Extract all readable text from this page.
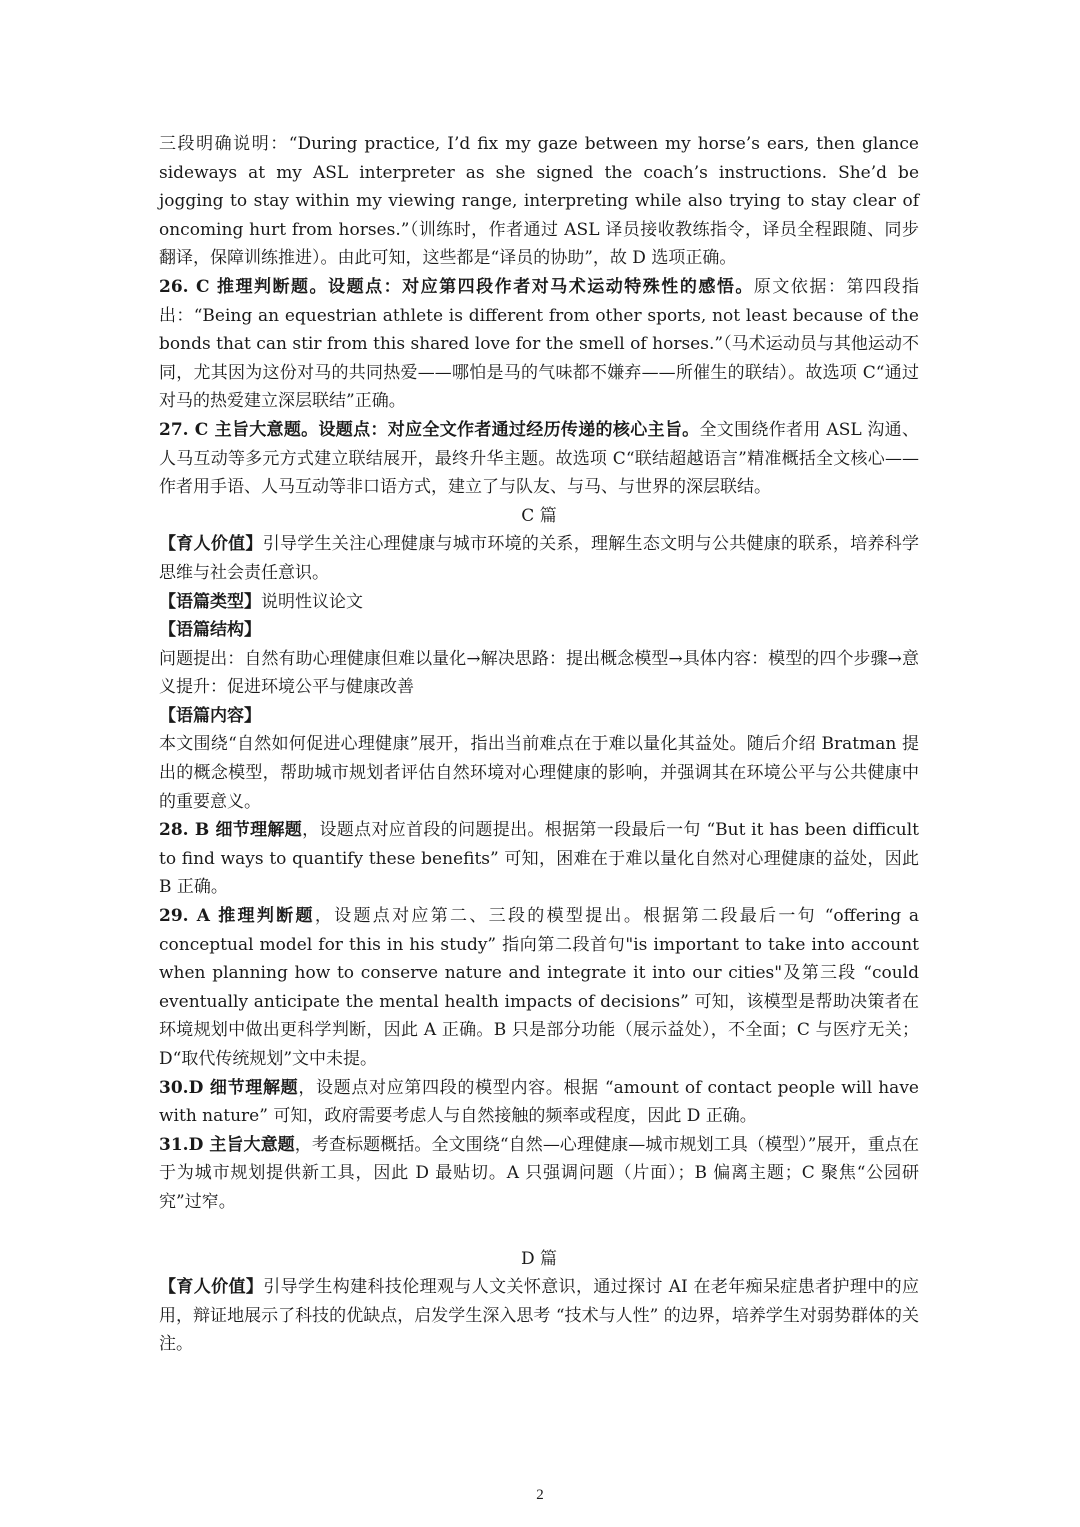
三段明确说明：“During practice, I’d fix my gaze between my horse’s ears, then glance sideways at my ASL interpreter as she signed the coach’s instructions. She’d be jogging to stay within my viewing range, interpreting while also trying to stay clear of oncoming hurt from horses.”（训练时，作者通过 ASL 译员接收教练指令，译员全程跟随、同步翻译，保障训练推进）。由此可知，这些都是“译员的协助”，故 D 选项正确。

26. C 推理判断题。设题点：对应第四段作者对马术运动特殊性的感悟。原文依据：第四段指出：“Being an equestrian athlete is different from other sports, not least because of the bonds that can stir from this shared love for the smell of horses.”（马术运动员与其他运动不同，尤其因为这份对马的共同热爱——哪怕是马的气味都不嫌弃——所催生的联结）。故选项 C“通过对马的热爱建立深层联结”正确。

27. C 主旨大意题。设题点：对应全文作者通过经历传递的核心主旨。全文围绕作者用 ASL 沟通、人马互动等多元方式建立联结展开，最终升华主题。故选项 C“联结超越语言”精准概括全文核心——作者用手语、人马互动等非口语方式，建立了与队友、与马、与世界的深层联结。

C 篇

【育人价值】引导学生关注心理健康与城市环境的关系，理解生态文明与公共健康的联系，培养科学思维与社会责任意识。

【语篇类型】说明性议论文

【语篇结构】

问题提出：自然有助心理健康但难以量化→解决思路：提出概念模型→具体内容：模型的四个步骤→意义提升：促进环境公平与健康改善

【语篇内容】

本文围绕“自然如何促进心理健康”展开，指出当前难点在于难以量化其益处。随后介绍 Bratman 提出的概念模型，帮助城市规划者评估自然环境对心理健康的影响，并强调其在环境公平与公共健康中的重要意义。

28. B 细节理解题，设题点对应首段的问题提出。根据第一段最后一句 “But it has been difficult to find ways to quantify these benefits” 可知，困难在于难以量化自然对心理健康的益处，因此 B 正确。

29. A 推理判断题，设题点对应第二、三段的模型提出。根据第二段最后一句 “offering a conceptual model for this in his study” 指向第二段首句"is important to take into account when planning how to conserve nature and integrate it into our cities"及第三段 “could eventually anticipate the mental health impacts of decisions” 可知，该模型是帮助决策者在环境规划中做出更科学判断，因此 A 正确。B 只是部分功能（展示益处），不全面；C 与医疗无关；D“取代传统规划”文中未提。

30.D 细节理解题，设题点对应第四段的模型内容。根据 “amount of contact people will have with nature” 可知，政府需要考虑人与自然接触的频率或程度，因此 D 正确。

31.D 主旨大意题，考查标题概括。全文围绕“自然—心理健康—城市规划工具（模型）”展开，重点在于为城市规划提供新工具，因此 D 最贴切。A 只强调问题（片面）；B 偏离主题；C 聚焦“公园研究”过窄。

D 篇

【育人价值】引导学生构建科技伦理观与人文关怀意识，通过探讨 AI 在老年痴呆症患者护理中的应用，辩证地展示了科技的优缺点，启发学生深入思考 “技术与人性” 的边界，培养学生对弱势群体的关注。

2
